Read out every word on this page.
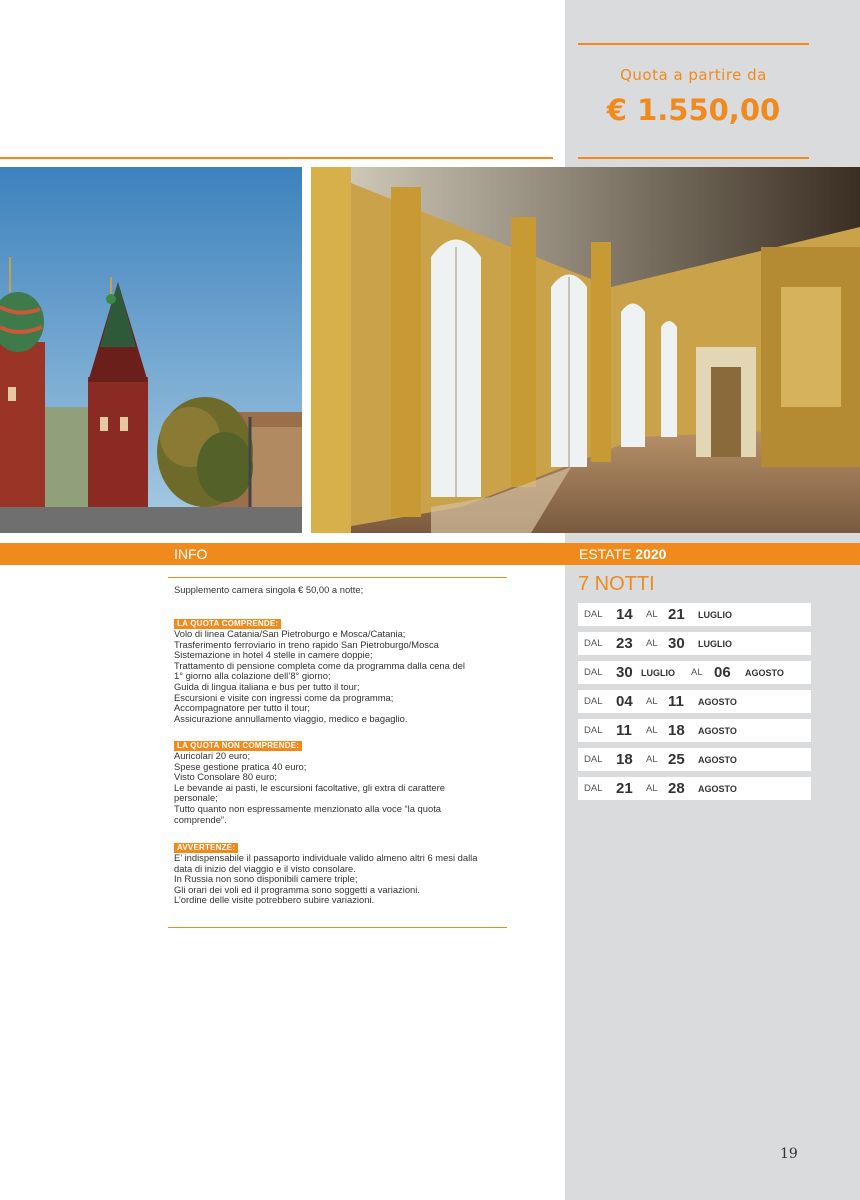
Quota a partire da
€ 1.550,00
INFO	ESTATE 2020
Supplemento camera singola € 50,00 a notte;
LA QUOTA COMPRENDE:
Volo di linea Catania/San Pietroburgo e Mosca/Catania;
Trasferimento ferroviario in treno rapido San Pietroburgo/Mosca
Sistemazione in hotel 4 stelle in camere doppie;
Trattamento di pensione completa come da programma dalla cena del
1° giorno alla colazione dell’8° giorno;
Guida di lingua italiana e bus per tutto il tour;
Escursioni e visite con ingressi come da programma;
Accompagnatore per tutto il tour;
Assicurazione annullamento viaggio, medico e bagaglio.
LA QUOTA NON COMPRENDE:
Auricolari 20 euro;
Spese gestione pratica 40 euro;
Visto Consolare 80 euro;
Le bevande ai pasti, le escursioni facoltative, gli extra di carattere
personale;
Tutto quanto non espressamente menzionato alla voce “la quota
comprende”.
AVVERTENZE:
E’ indispensabile il passaporto individuale valido almeno altri 6 mesi dalla
data di inizio del viaggio e il visto consolare.
In Russia non sono disponibili camere triple;
Gli orari dei voli ed il programma sono soggetti a variazioni.
L’ordine delle visite potrebbero subire variazioni.
7 NOTTI
DAL 14 AL 21 LUGLIO
DAL 23 AL 30 LUGLIO
DAL 30 LUGLIO AL 06 AGOSTO
DAL 04 AL 11 AGOSTO
DAL 11 AL 18 AGOSTO
DAL 18 AL 25 AGOSTO
DAL 21 AL 28 AGOSTO
19
